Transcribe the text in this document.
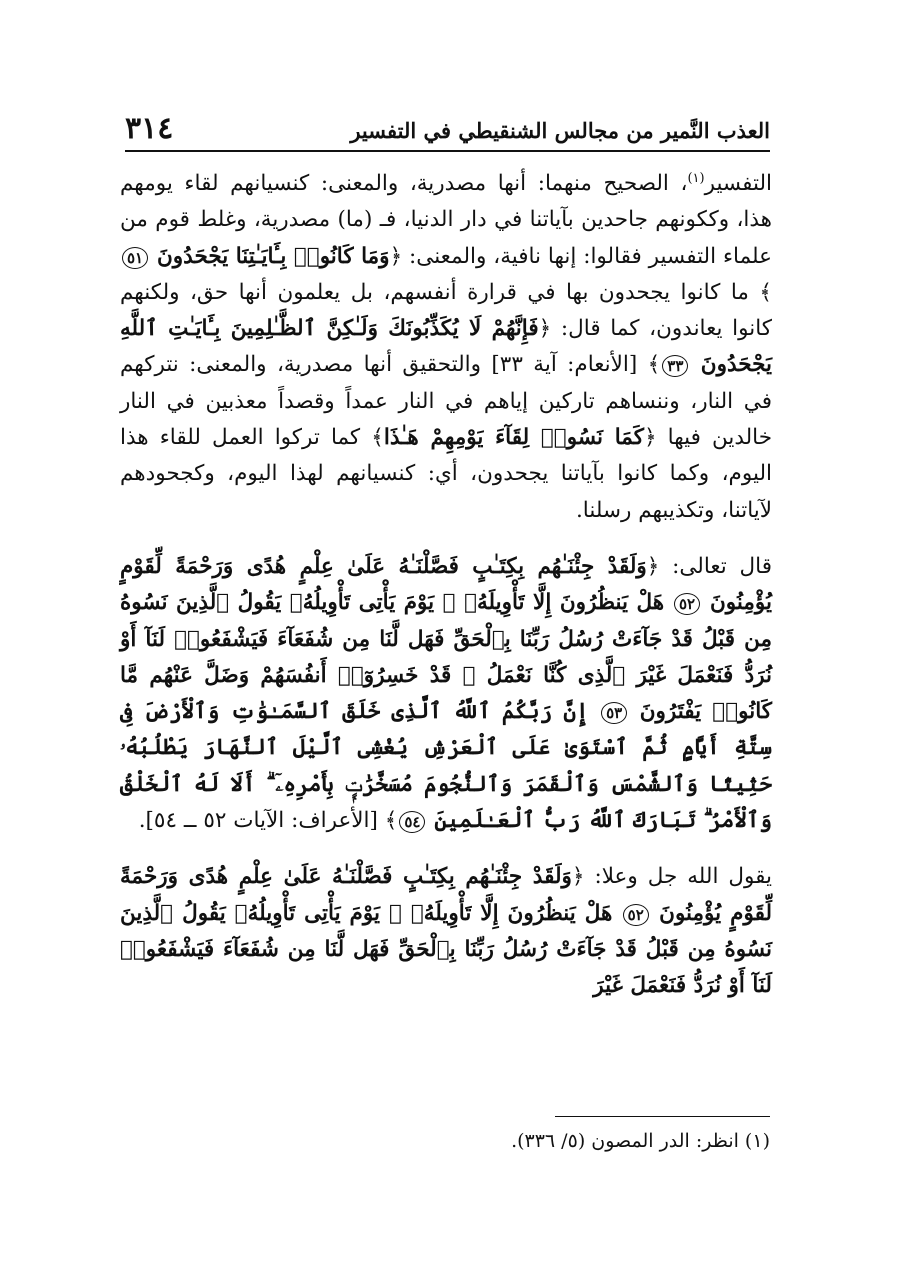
٣١٤	العذب النَّمير من مجالس الشنقيطي في التفسير

التفسير$^{(١)}$، الصحيح منهما: أنها مصدرية، والمعنى: كنسيانهم لقاء يومهم هذا، وككونهم جاحدين بآياتنا في دار الدنيا، فـ (ما) مصدرية، وغلط قوم من علماء التفسير فقالوا: إنها نافية، والمعنى: ﴿وَمَا كَانُوا۟ بِـَٔايَـٰتِنَا يَجْحَدُونَ ٥١﴾ ما كانوا يجحدون بها في قرارة أنفسهم، بل يعلمون أنها حق، ولكنهم كانوا يعاندون، كما قال: ﴿فَإِنَّهُمْ لَا يُكَذِّبُونَكَ وَلَـٰكِنَّ ٱلظَّـٰلِمِينَ بِـَٔايَـٰتِ ٱللَّهِ يَجْحَدُونَ ٣٣﴾ [الأنعام: آية ٣٣] والتحقيق أنها مصدرية، والمعنى: نتركهم في النار، وننساهم تاركين إياهم في النار عمداً وقصداً معذبين في النار خالدين فيها ﴿كَمَا نَسُوا۟ لِقَآءَ يَوْمِهِمْ هَـٰذَا﴾ كما تركوا العمل للقاء هذا اليوم، وكما كانوا بآياتنا يجحدون، أي: كنسيانهم لهذا اليوم، وكجحودهم لآياتنا، وتكذيبهم رسلنا.

قال تعالى: ﴿وَلَقَدْ جِئْنَـٰهُم بِكِتَـٰبٍ فَصَّلْنَـٰهُ عَلَىٰ عِلْمٍ هُدًى وَرَحْمَةً لِّقَوْمٍ يُؤْمِنُونَ ٥٢ هَلْ يَنظُرُونَ إِلَّا تَأْوِيلَهُۥ ۚ يَوْمَ يَأْتِى تَأْوِيلُهُۥ يَقُولُ ٱلَّذِينَ نَسُوهُ مِن قَبْلُ قَدْ جَآءَتْ رُسُلُ رَبِّنَا بِٱلْحَقِّ فَهَل لَّنَا مِن شُفَعَآءَ فَيَشْفَعُوا۟ لَنَآ أَوْ نُرَدُّ فَنَعْمَلَ غَيْرَ ٱلَّذِى كُنَّا نَعْمَلُ ۚ قَدْ خَسِرُوٓا۟ أَنفُسَهُمْ وَضَلَّ عَنْهُم مَّا كَانُوا۟ يَفْتَرُونَ ٥٣ إِنَّ رَبَّكُمُ ٱللَّهُ ٱلَّذِى خَلَقَ ٱلسَّمَـٰوَٰتِ وَٱلْأَرْضَ فِى سِتَّةِ أَيَّامٍ ثُمَّ ٱسْتَوَىٰ عَلَى ٱلْعَرْشِ يُغْشِى ٱلَّيْلَ ٱلنَّهَارَ يَطْلُبُهُۥ حَثِيثًا وَٱلشَّمْسَ وَٱلْقَمَرَ وَٱلنُّجُومَ مُسَخَّرَٰتٍۭ بِأَمْرِهِۦٓ ۗ أَلَا لَهُ ٱلْخَلْقُ وَٱلْأَمْرُ ۗ تَبَارَكَ ٱللَّهُ رَبُّ ٱلْعَـٰلَمِينَ ٥٤﴾ [الأعراف: الآيات ٥٢ ــ ٥٤].

يقول الله جل وعلا: ﴿وَلَقَدْ جِئْنَـٰهُم بِكِتَـٰبٍ فَصَّلْنَـٰهُ عَلَىٰ عِلْمٍ هُدًى وَرَحْمَةً لِّقَوْمٍ يُؤْمِنُونَ ٥٢ هَلْ يَنظُرُونَ إِلَّا تَأْوِيلَهُۥ ۚ يَوْمَ يَأْتِى تَأْوِيلُهُۥ يَقُولُ ٱلَّذِينَ نَسُوهُ مِن قَبْلُ قَدْ جَآءَتْ رُسُلُ رَبِّنَا بِٱلْحَقِّ فَهَل لَّنَا مِن شُفَعَآءَ فَيَشْفَعُوا۟ لَنَآ أَوْ نُرَدُّ فَنَعْمَلَ غَيْرَ

(١) انظر: الدر المصون (٥/ ٣٣٦).
